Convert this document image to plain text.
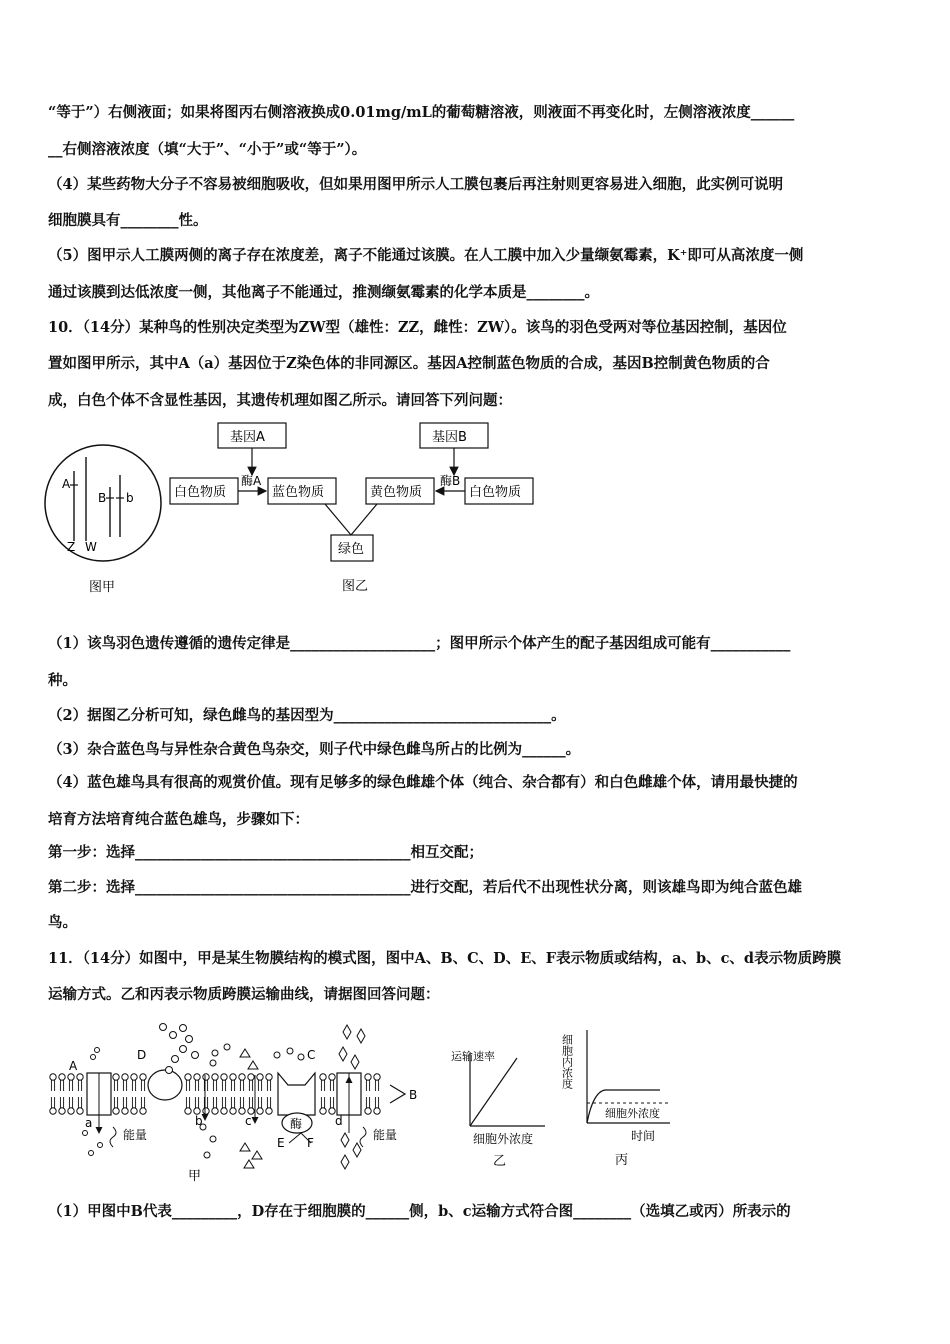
“等于”）右侧液面；如果将图丙右侧溶液换成0.01mg/mL的葡萄糖溶液，则液面不再变化时，左侧溶液浓度______
__右侧溶液浓度（填“大于”、“小于”或“等于”）。
（4）某些药物大分子不容易被细胞吸收，但如果用图甲所示人工膜包裹后再注射则更容易进入细胞，此实例可说明
细胞膜具有________性。
（5）图甲示人工膜两侧的离子存在浓度差，离子不能通过该膜。在人工膜中加入少量缬氨霉素，K⁺即可从高浓度一侧
通过该膜到达低浓度一侧，其他离子不能通过，推测缬氨霉素的化学本质是________。
10．（14分）某种鸟的性别决定类型为ZW型（雄性：ZZ，雌性：ZW）。该鸟的羽色受两对等位基因控制，基因位
置如图甲所示，其中A（a）基因位于Z染色体的非同源区。基因A控制蓝色物质的合成，基因B控制黄色物质的合
成，白色个体不含显性基因，其遗传机理如图乙所示。请回答下列问题：
A
B b
Z W
图甲
基因A	基因B
酶A	酶B
白色物质	蓝色物质	黄色物质	白色物质
绿色
图乙
（1）该鸟羽色遗传遵循的遗传定律是____________________；图甲所示个体产生的配子基因组成可能有___________
种。
（2）据图乙分析可知，绿色雌鸟的基因型为______________________________。
（3）杂合蓝色鸟与异性杂合黄色鸟杂交，则子代中绿色雌鸟所占的比例为______。
（4）蓝色雄鸟具有很高的观赏价值。现有足够多的绿色雌雄个体（纯合、杂合都有）和白色雌雄个体，请用最快捷的
培育方法培育纯合蓝色雄鸟，步骤如下：
第一步：选择______________________________________相互交配；
第二步：选择______________________________________进行交配，若后代不出现性状分离，则该雄鸟即为纯合蓝色雄
鸟。
11．（14分）如图中，甲是某生物膜结构的模式图，图中A、B、C、D、E、F表示物质或结构，a、b、c、d表示物质跨膜
运输方式。乙和丙表示物质跨膜运输曲线，请据图回答问题：
酶
A
D	C
B
a	b	c	d
能量	能量
E F
甲
运输速率
细胞外浓度
乙
细胞外浓度
细胞内浓度
时间
丙
（1）甲图中B代表_________，D存在于细胞膜的______侧，b、c运输方式符合图________（选填乙或丙）所表示的
